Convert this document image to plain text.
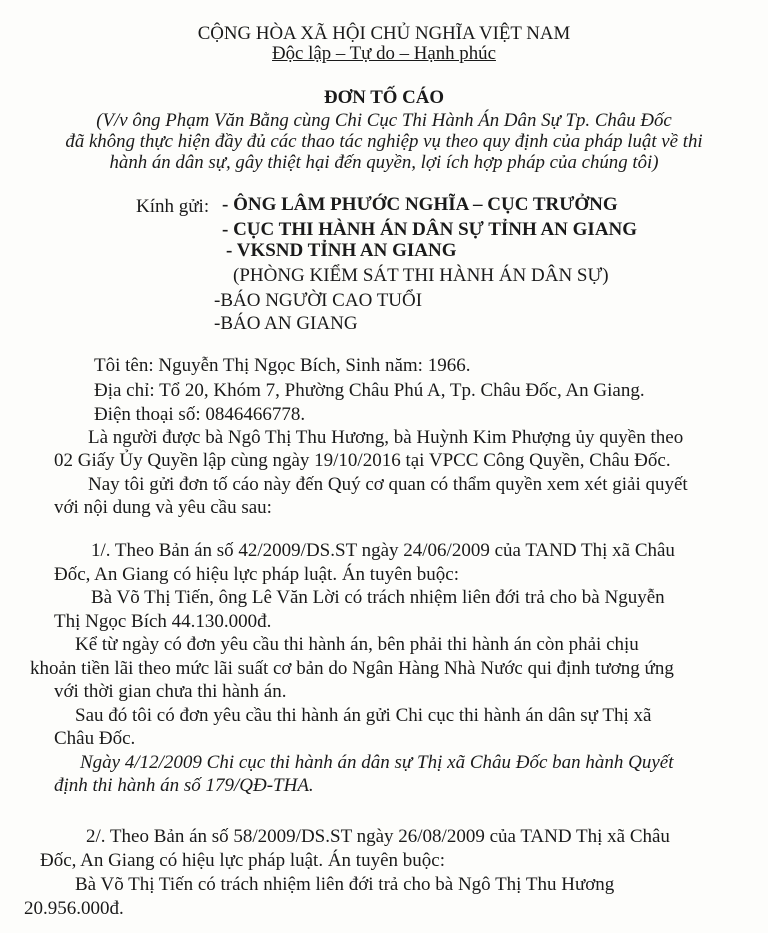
CỘNG HÒA XÃ HỘI CHỦ NGHĨA VIỆT NAM
Độc lập – Tự do – Hạnh phúc
ĐƠN TỐ CÁO
(V/v ông Phạm Văn Bằng cùng Chi Cục Thi Hành Án Dân Sự Tp. Châu Đốc
đã không thực hiện đầy đủ các thao tác nghiệp vụ theo quy định của pháp luật về thi
hành án dân sự, gây thiệt hại đến quyền, lợi ích hợp pháp của chúng tôi)
Kính gửi: - ÔNG LÂM PHƯỚC NGHĨA – CỤC TRƯỞNG
- CỤC THI HÀNH ÁN DÂN SỰ TỈNH AN GIANG
- VKSND TỈNH AN GIANG
(PHÒNG KIỂM SÁT THI HÀNH ÁN DÂN SỰ)
-BÁO NGƯỜI CAO TUỔI
-BÁO AN GIANG
Tôi tên: Nguyễn Thị Ngọc Bích, Sinh năm: 1966.
Địa chỉ: Tổ 20, Khóm 7, Phường Châu Phú A, Tp. Châu Đốc, An Giang.
Điện thoại số: 0846466778.
Là người được bà Ngô Thị Thu Hương, bà Huỳnh Kim Phượng ủy quyền theo
02 Giấy Ủy Quyền lập cùng ngày 19/10/2016 tại VPCC Công Quyền, Châu Đốc.
Nay tôi gửi đơn tố cáo này đến Quý cơ quan có thẩm quyền xem xét giải quyết
với nội dung và yêu cầu sau:
1/. Theo Bản án số 42/2009/DS.ST ngày 24/06/2009 của TAND Thị xã Châu
Đốc, An Giang có hiệu lực pháp luật. Án tuyên buộc:
Bà Võ Thị Tiến, ông Lê Văn Lời có trách nhiệm liên đới trả cho bà Nguyễn
Thị Ngọc Bích 44.130.000đ.
Kể từ ngày có đơn yêu cầu thi hành án, bên phải thi hành án còn phải chịu
khoản tiền lãi theo mức lãi suất cơ bản do Ngân Hàng Nhà Nước qui định tương ứng
với thời gian chưa thi hành án.
Sau đó tôi có đơn yêu cầu thi hành án gửi Chi cục thi hành án dân sự Thị xã
Châu Đốc.
Ngày 4/12/2009 Chi cục thi hành án dân sự Thị xã Châu Đốc ban hành Quyết
định thi hành án số 179/QĐ-THA.
2/. Theo Bản án số 58/2009/DS.ST ngày 26/08/2009 của TAND Thị xã Châu
Đốc, An Giang có hiệu lực pháp luật. Án tuyên buộc:
Bà Võ Thị Tiến có trách nhiệm liên đới trả cho bà Ngô Thị Thu Hương
20.956.000đ.
